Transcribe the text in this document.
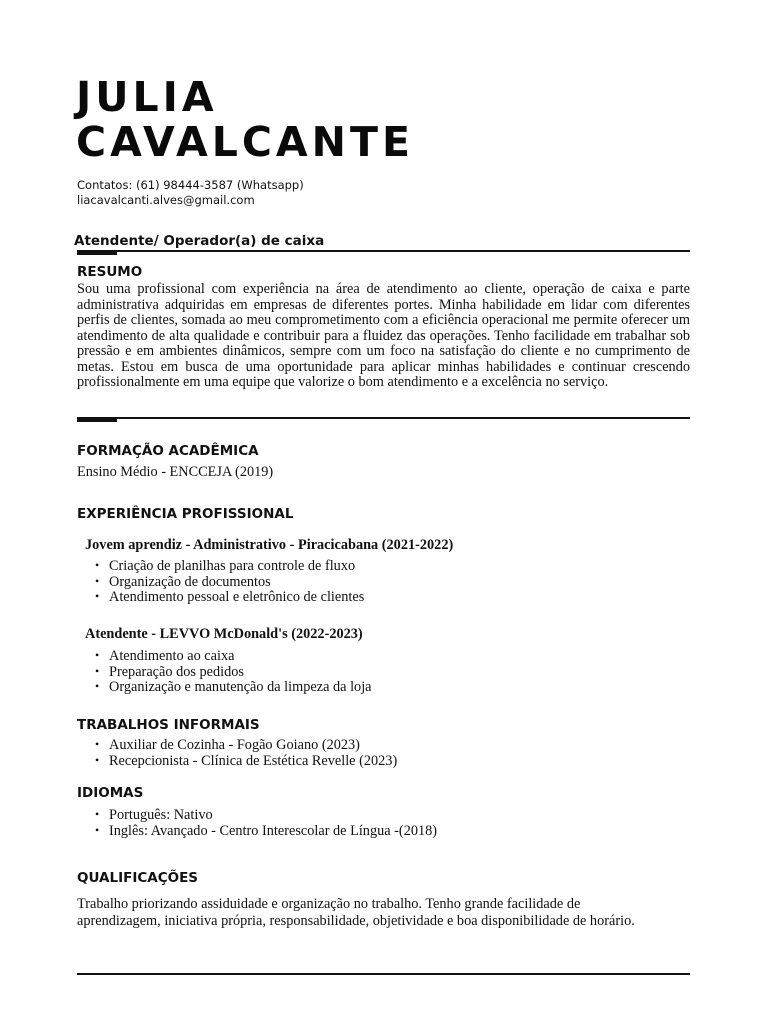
JULIA
CAVALCANTE
Contatos: (61) 98444-3587 (Whatsapp)
liacavalcanti.alves@gmail.com
Atendente/ Operador(a) de caixa
RESUMO
Sou uma profissional com experiência na área de atendimento ao cliente, operação de caixa e parte administrativa adquiridas em empresas de diferentes portes. Minha habilidade em lidar com diferentes perfis de clientes, somada ao meu comprometimento com a eficiência operacional me permite oferecer um atendimento de alta qualidade e contribuir para a fluidez das operações. Tenho facilidade em trabalhar sob pressão e em ambientes dinâmicos, sempre com um foco na satisfação do cliente e no cumprimento de metas. Estou em busca de uma oportunidade para aplicar minhas habilidades e continuar crescendo profissionalmente em uma equipe que valorize o bom atendimento e a excelência no serviço.
FORMAÇÃO ACADÊMICA
Ensino Médio - ENCCEJA (2019)
EXPERIÊNCIA PROFISSIONAL
Jovem aprendiz - Administrativo - Piracicabana (2021-2022)
• Criação de planilhas para controle de fluxo
• Organização de documentos
• Atendimento pessoal e eletrônico de clientes
Atendente - LEVVO McDonald's (2022-2023)
• Atendimento ao caixa
• Preparação dos pedidos
• Organização e manutenção da limpeza da loja
TRABALHOS INFORMAIS
• Auxiliar de Cozinha - Fogão Goiano (2023)
• Recepcionista - Clínica de Estética Revelle (2023)
IDIOMAS
• Português: Nativo
• Inglês: Avançado - Centro Interescolar de Língua -(2018)
QUALIFICAÇÕES
Trabalho priorizando assiduidade e organização no trabalho. Tenho grande facilidade de aprendizagem, iniciativa própria, responsabilidade, objetividade e boa disponibilidade de horário.
